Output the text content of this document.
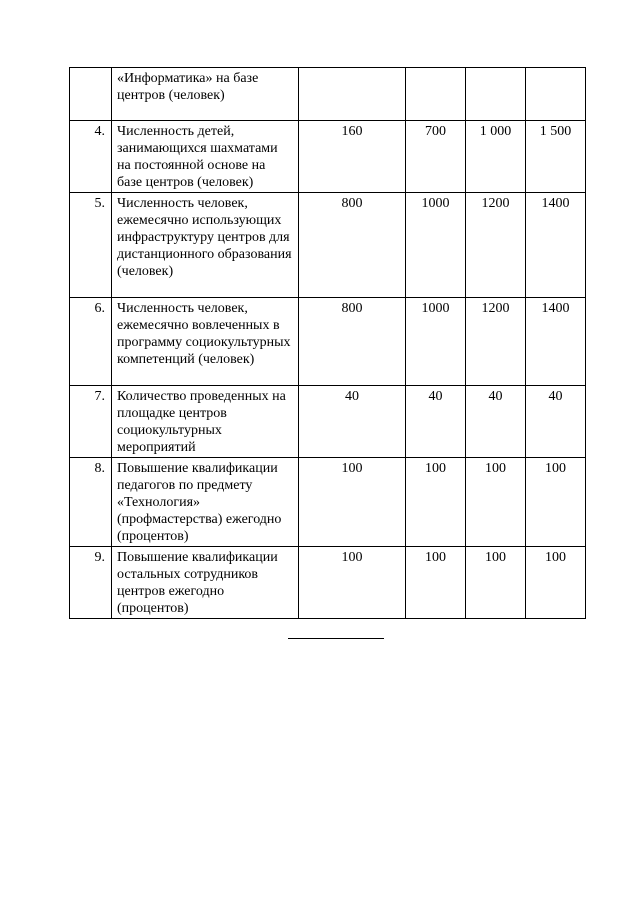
	«Информатика» на базе центров (человек)				
4.	Численность детей, занимающихся шахматами на постоянной основе на базе центров (человек)	160	700	1 000	1 500
5.	Численность человек, ежемесячно использующих инфраструктуру центров для дистанционного образования (человек)	800	1000	1200	1400
6.	Численность человек, ежемесячно вовлеченных в программу социокультурных компетенций (человек)	800	1000	1200	1400
7.	Количество проведенных на площадке центров социокультурных мероприятий	40	40	40	40
8.	Повышение квалификации педагогов по предмету «Технология» (профмастерства) ежегодно (процентов)	100	100	100	100
9.	Повышение квалификации остальных сотрудников центров ежегодно (процентов)	100	100	100	100
